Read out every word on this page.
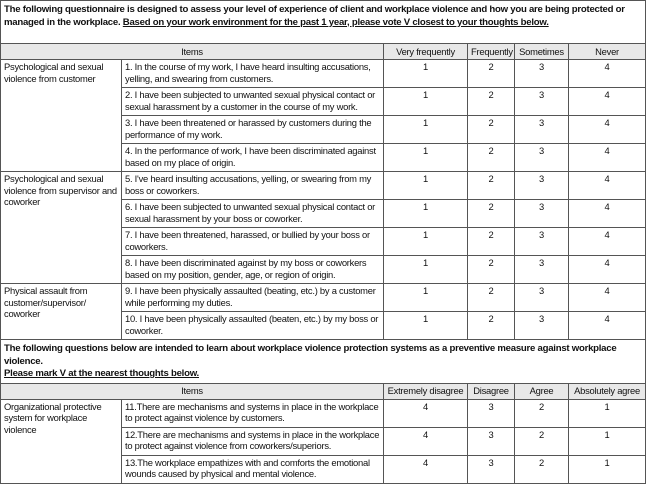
The following questionnaire is designed to assess your level of experience of client and workplace violence and how you are being protected or managed in the workplace. Based on your work environment for the past 1 year, please vote V closest to your thoughts below.					
Items		Very frequently	Frequently	Sometimes	Never
Psychological and sexual violence from customer	1. In the course of my work, I have heard insulting accusations, yelling, and swearing from customers.	1	2	3	4
	2. I have been subjected to unwanted sexual physical contact or sexual harassment by a customer in the course of my work.	1	2	3	4
	3. I have been threatened or harassed by customers during the performance of my work.	1	2	3	4
	4. In the performance of work, I have been discriminated against based on my place of origin.	1	2	3	4
Psychological and sexual violence from supervisor and coworker	5. I've heard insulting accusations, yelling, or swearing from my boss or coworkers.	1	2	3	4
	6. I have been subjected to unwanted sexual physical contact or sexual harassment by your boss or coworker.	1	2	3	4
	7. I have been threatened, harassed, or bullied by your boss or coworkers.	1	2	3	4
	8. I have been discriminated against by my boss or coworkers based on my position, gender, age, or region of origin.	1	2	3	4
Physical assault from customer/supervisor/ coworker	9. I have been physically assaulted (beating, etc.) by a customer while performing my duties.	1	2	3	4
	10. I have been physically assaulted (beaten, etc.) by my boss or coworker.	1	2	3	4
The following questions below are intended to learn about workplace violence protection systems as a preventive measure against workplace violence.
Please mark V at the nearest thoughts below.					
Items		Extremely disagree	Disagree	Agree	Absolutely agree
Organizational protective system for workplace violence	11.There are mechanisms and systems in place in the workplace to protect against violence by customers.	4	3	2	1
	12.There are mechanisms and systems in place in the workplace to protect against violence from coworkers/superiors.	4	3	2	1
	13.The workplace empathizes with and comforts the emotional wounds caused by physical and mental violence.	4	3	2	1
